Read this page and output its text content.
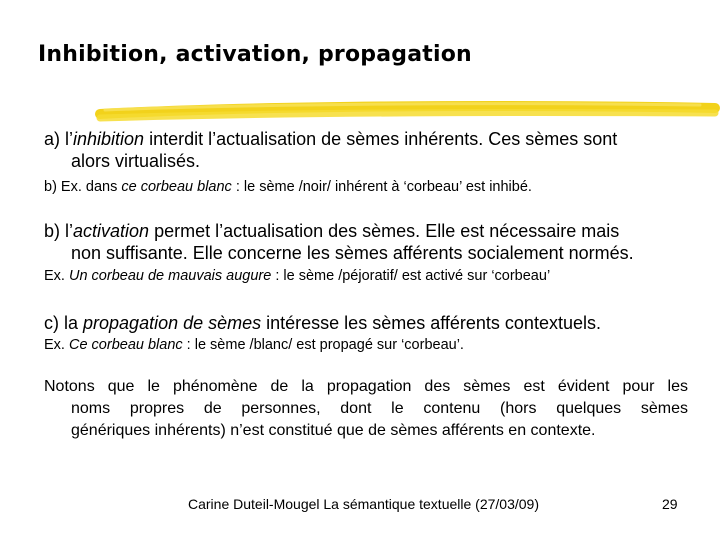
Inhibition, activation, propagation

a) l’inhibition interdit l’actualisation de sèmes inhérents. Ces sèmes sont
alors virtualisés.

b) Ex. dans ce corbeau blanc : le sème /noir/ inhérent à ‘corbeau’ est inhibé.

b) l’activation permet l’actualisation des sèmes. Elle est nécessaire mais
non suffisante. Elle concerne les sèmes afférents socialement normés.

Ex. Un corbeau de mauvais augure : le sème /péjoratif/ est activé sur ‘corbeau’

c) la propagation de sèmes intéresse les sèmes afférents contextuels.

Ex. Ce corbeau blanc : le sème /blanc/ est propagé sur ‘corbeau’.

Notons que le phénomène de la propagation des sèmes est évident pour les
noms propres de personnes, dont le contenu (hors quelques sèmes
génériques inhérents) n’est constitué que de sèmes afférents en contexte.
Carine Duteil-Mougel La sémantique textuelle (27/03/09)	29
